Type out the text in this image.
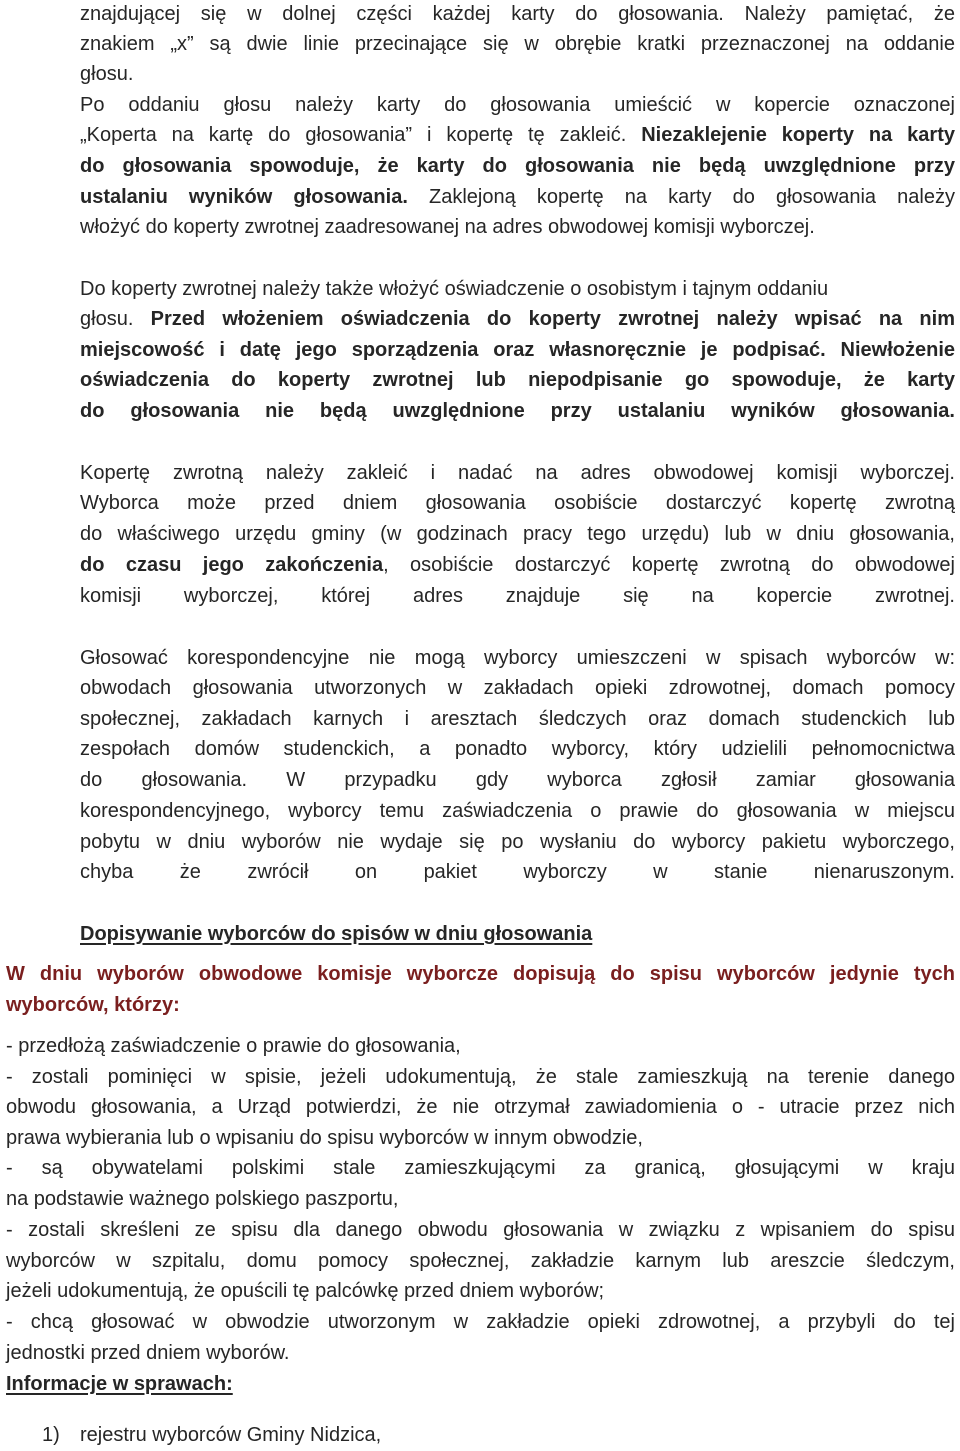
znajdującej się w dolnej części każdej karty do głosowania. Należy pamiętać, że
znakiem „x” są dwie linie przecinające się w obrębie kratki przeznaczonej na oddanie
głosu.
Po oddaniu głosu należy karty do głosowania umieścić w kopercie oznaczonej
„Koperta na kartę do głosowania” i kopertę tę zakleić. Niezaklejenie koperty na karty
do głosowania spowoduje, że karty do głosowania nie będą uwzględnione przy
ustalaniu wyników głosowania. Zaklejoną kopertę na karty do głosowania należy
włożyć do koperty zwrotnej zaadresowanej na adres obwodowej komisji wyborczej.
Do koperty zwrotnej należy także włożyć oświadczenie o osobistym i tajnym oddaniu
głosu. Przed włożeniem oświadczenia do koperty zwrotnej należy wpisać na nim
miejscowość i datę jego sporządzenia oraz własnoręcznie je podpisać. Niewłożenie
oświadczenia do koperty zwrotnej lub niepodpisanie go spowoduje, że karty
do głosowania nie będą uwzględnione przy ustalaniu wyników głosowania.
Kopertę zwrotną należy zakleić i nadać na adres obwodowej komisji wyborczej.
Wyborca może przed dniem głosowania osobiście dostarczyć kopertę zwrotną
do właściwego urzędu gminy (w godzinach pracy tego urzędu) lub w dniu głosowania,
do czasu jego zakończenia, osobiście dostarczyć kopertę zwrotną do obwodowej
komisji wyborczej, której adres znajduje się na kopercie zwrotnej.
Głosować korespondencyjne nie mogą wyborcy umieszczeni w spisach wyborców w:
obwodach głosowania utworzonych w zakładach opieki zdrowotnej, domach pomocy
społecznej, zakładach karnych i aresztach śledczych oraz domach studenckich lub
zespołach domów studenckich, a ponadto wyborcy, który udzielili pełnomocnictwa
do głosowania. W przypadku gdy wyborca zgłosił zamiar głosowania
korespondencyjnego, wyborcy temu zaświadczenia o prawie do głosowania w miejscu
pobytu w dniu wyborów nie wydaje się po wysłaniu do wyborcy pakietu wyborczego,
chyba że zwrócił on pakiet wyborczy w stanie nienaruszonym.
Dopisywanie wyborców do spisów w dniu głosowania
W dniu wyborów obwodowe komisje wyborcze dopisują do spisu wyborców jedynie tych
wyborców, którzy:
- przedłożą zaświadczenie o prawie do głosowania,
- zostali pominięci w spisie, jeżeli udokumentują, że stale zamieszkują na terenie danego
obwodu głosowania, a Urząd potwierdzi, że nie otrzymał zawiadomienia o - utracie przez nich
prawa wybierania lub o wpisaniu do spisu wyborców w innym obwodzie,
- są obywatelami polskimi stale zamieszkującymi za granicą, głosującymi w kraju
na podstawie ważnego polskiego paszportu,
- zostali skreśleni ze spisu dla danego obwodu głosowania w związku z wpisaniem do spisu
wyborców w szpitalu, domu pomocy społecznej, zakładzie karnym lub areszcie śledczym,
jeżeli udokumentują, że opuścili tę palcówkę przed dniem wyborów;
- chcą głosować w obwodzie utworzonym w zakładzie opieki zdrowotnej, a przybyli do tej
jednostki przed dniem wyborów.
Informacje w sprawach:
1) rejestru wyborców Gminy Nidzica,
